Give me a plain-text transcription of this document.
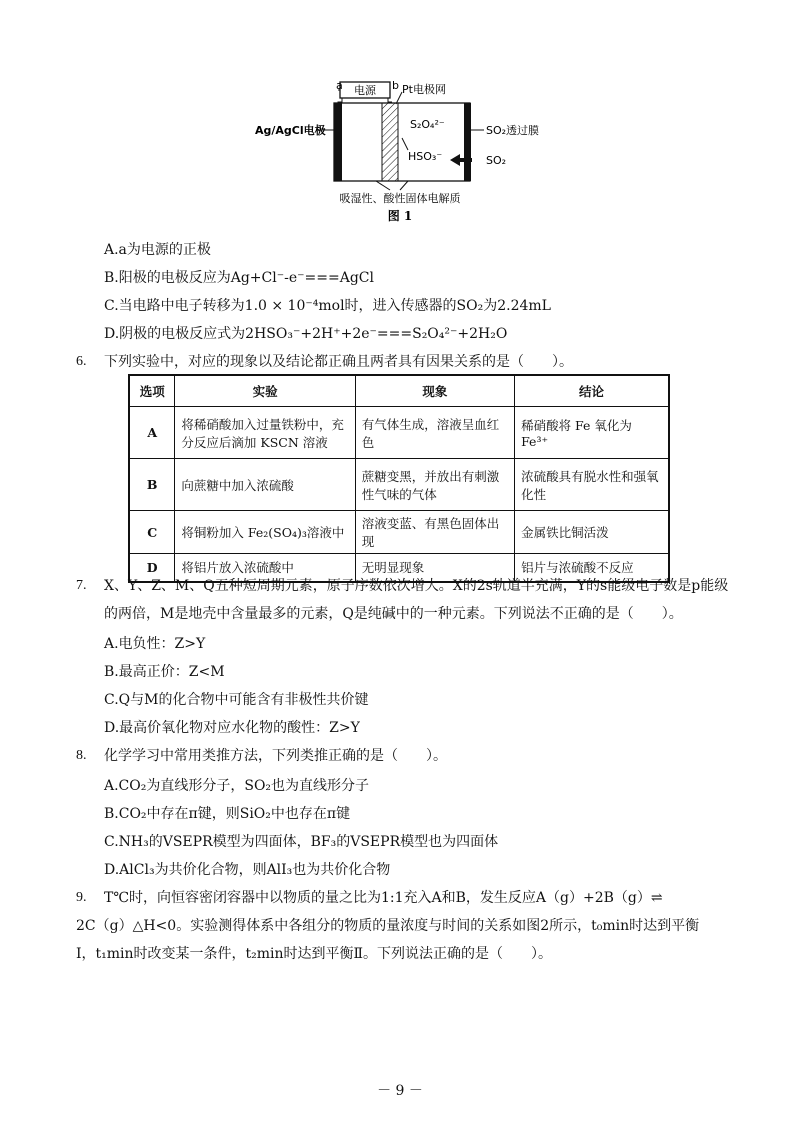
电源
a	b Pt电极网
S₂O₄²⁻
HSO₃⁻
Ag/AgCl电极	SO₂透过膜
SO₂
吸湿性、酸性固体电解质
图 1
A.a为电源的正极
B.阳极的电极反应为Ag+Cl⁻-e⁻===AgCl
C.当电路中电子转移为1.0 × 10⁻⁴mol时，进入传感器的SO₂为2.24mL
D.阴极的电极反应式为2HSO₃⁻+2H⁺+2e⁻===S₂O₄²⁻+2H₂O
6. 下列实验中，对应的现象以及结论都正确且两者具有因果关系的是（　　）。
选项	实验	现象	结论
A	将稀硝酸加入过量铁粉中，充分反应后滴加 KSCN 溶液	有气体生成，溶液呈血红色	稀硝酸将 Fe 氧化为 Fe³⁺
B	向蔗糖中加入浓硫酸	蔗糖变黑，并放出有刺激性气味的气体	浓硫酸具有脱水性和强氧化性
C	将铜粉加入 Fe₂(SO₄)₃溶液中	溶液变蓝、有黑色固体出现	金属铁比铜活泼
D	将铝片放入浓硫酸中	无明显现象	铝片与浓硫酸不反应
7. X、Y、Z、M、Q五种短周期元素，原子序数依次增大。X的2s轨道半充满，Y的s能级电子数是p能级
的两倍，M是地壳中含量最多的元素，Q是纯碱中的一种元素。下列说法不正确的是（　　）。
A.电负性：Z>Y
B.最高正价：Z<M
C.Q与M的化合物中可能含有非极性共价键
D.最高价氧化物对应水化物的酸性：Z>Y
8. 化学学习中常用类推方法，下列类推正确的是（　　）。
A.CO₂为直线形分子，SO₂也为直线形分子
B.CO₂中存在π键，则SiO₂中也存在π键
C.NH₃的VSEPR模型为四面体，BF₃的VSEPR模型也为四面体
D.AlCl₃为共价化合物，则AlI₃也为共价化合物
9. T℃时，向恒容密闭容器中以物质的量之比为1:1充入A和B，发生反应A（g）+2B（g）⇌
2C（g）△H<0。实验测得体系中各组分的物质的量浓度与时间的关系如图2所示，t₀min时达到平衡
Ⅰ，t₁min时改变某一条件，t₂min时达到平衡Ⅱ。下列说法正确的是（　　）。
－ 9 －
